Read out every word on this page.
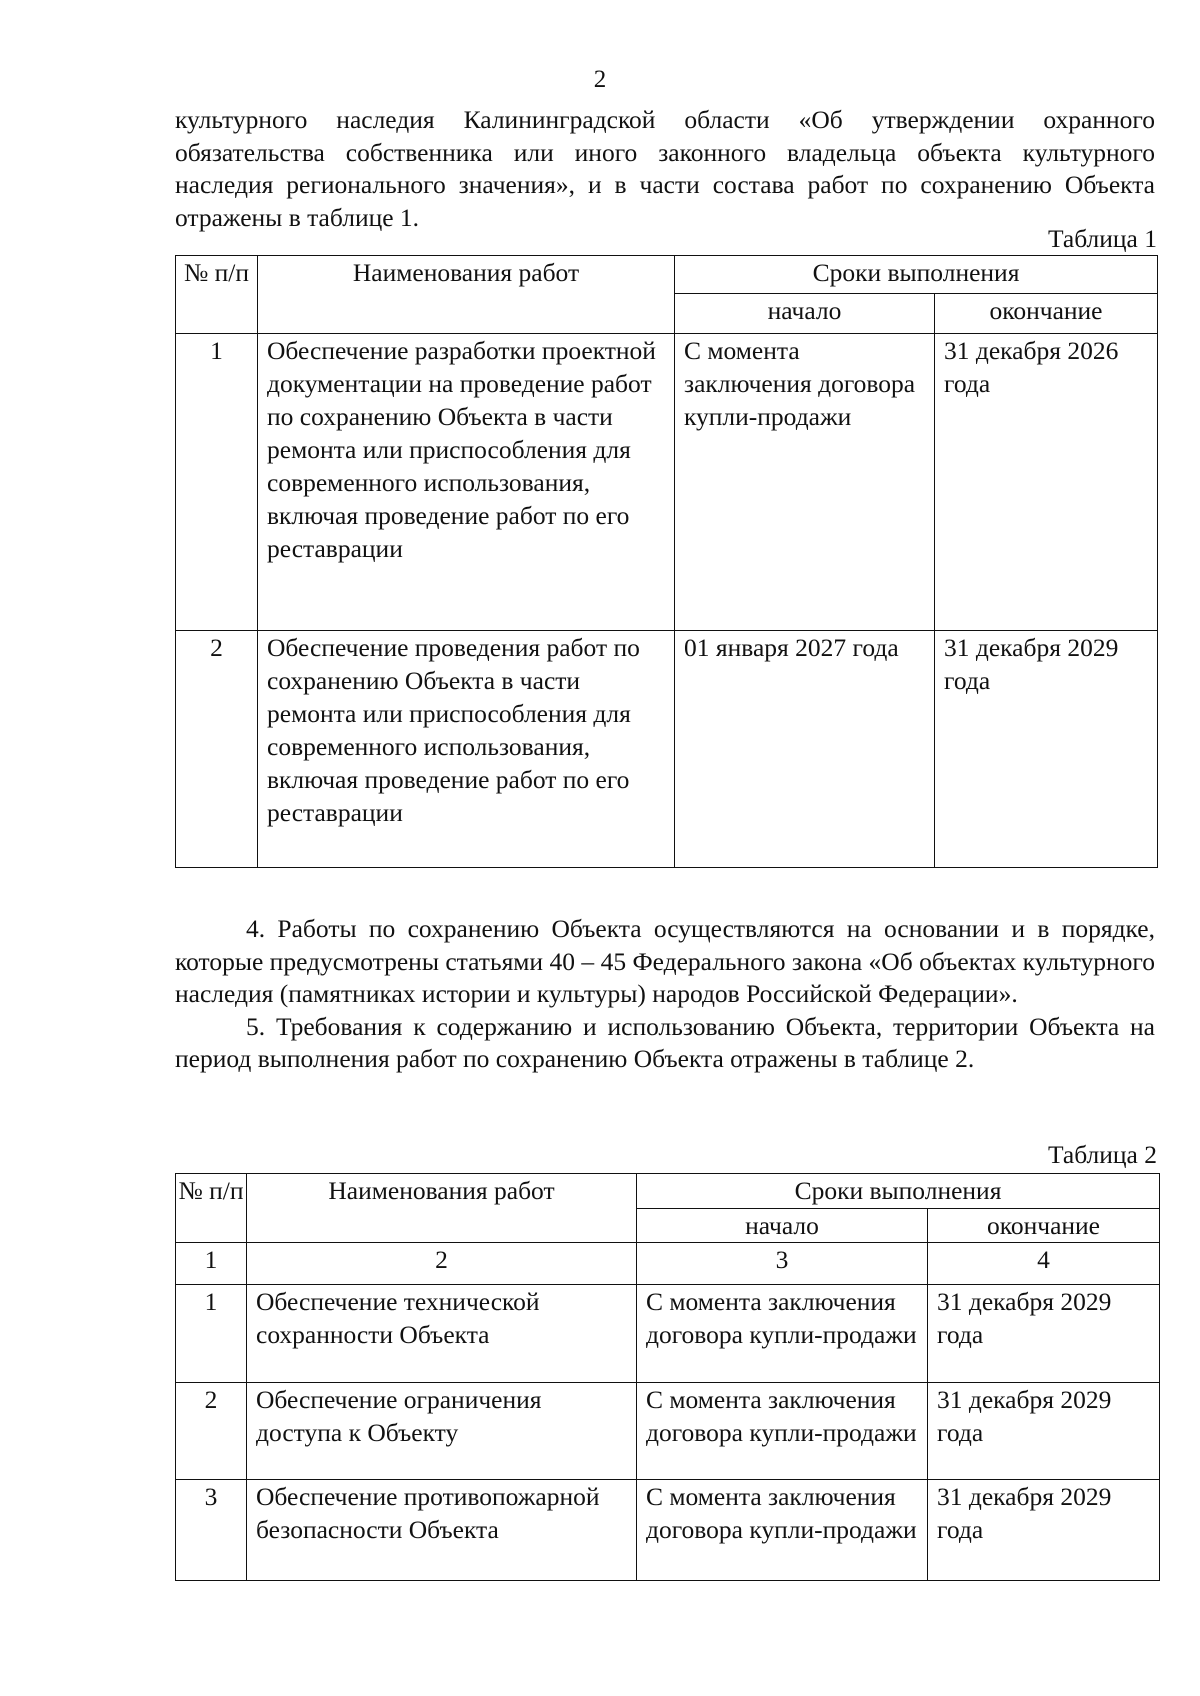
2

культурного наследия Калининградской области «Об утверждении охранного обязательства собственника или иного законного владельца объекта культурного наследия регионального значения», и в части состава работ по сохранению Объекта отражены в таблице 1.

Таблица 1
№ п/п	Наименования работ	Сроки выполнения	
		начало	окончание
1	Обеспечение разработки проектной документации на проведение работ по сохранению Объекта в части ремонта или приспособления для современного использования, включая проведение работ по его реставрации	С момента заключения договора купли-продажи	31 декабря 2026 года
2	Обеспечение проведения работ по сохранению Объекта в части ремонта или приспособления для современного использования, включая проведение работ по его реставрации	01 января 2027 года	31 декабря 2029 года

4. Работы по сохранению Объекта осуществляются на основании и в порядке, которые предусмотрены статьями 40 – 45 Федерального закона «Об объектах культурного наследия (памятниках истории и культуры) народов Российской Федерации».

5. Требования к содержанию и использованию Объекта, территории Объекта на период выполнения работ по сохранению Объекта отражены в таблице 2.

Таблица 2
№ п/п	Наименования работ	Сроки выполнения	
		начало	окончание
1	2	3	4
1	Обеспечение технической сохранности Объекта	С момента заключения договора купли-продажи	31 декабря 2029 года
2	Обеспечение ограничения доступа к Объекту	С момента заключения договора купли-продажи	31 декабря 2029 года
3	Обеспечение противопожарной безопасности Объекта	С момента заключения договора купли-продажи	31 декабря 2029 года
